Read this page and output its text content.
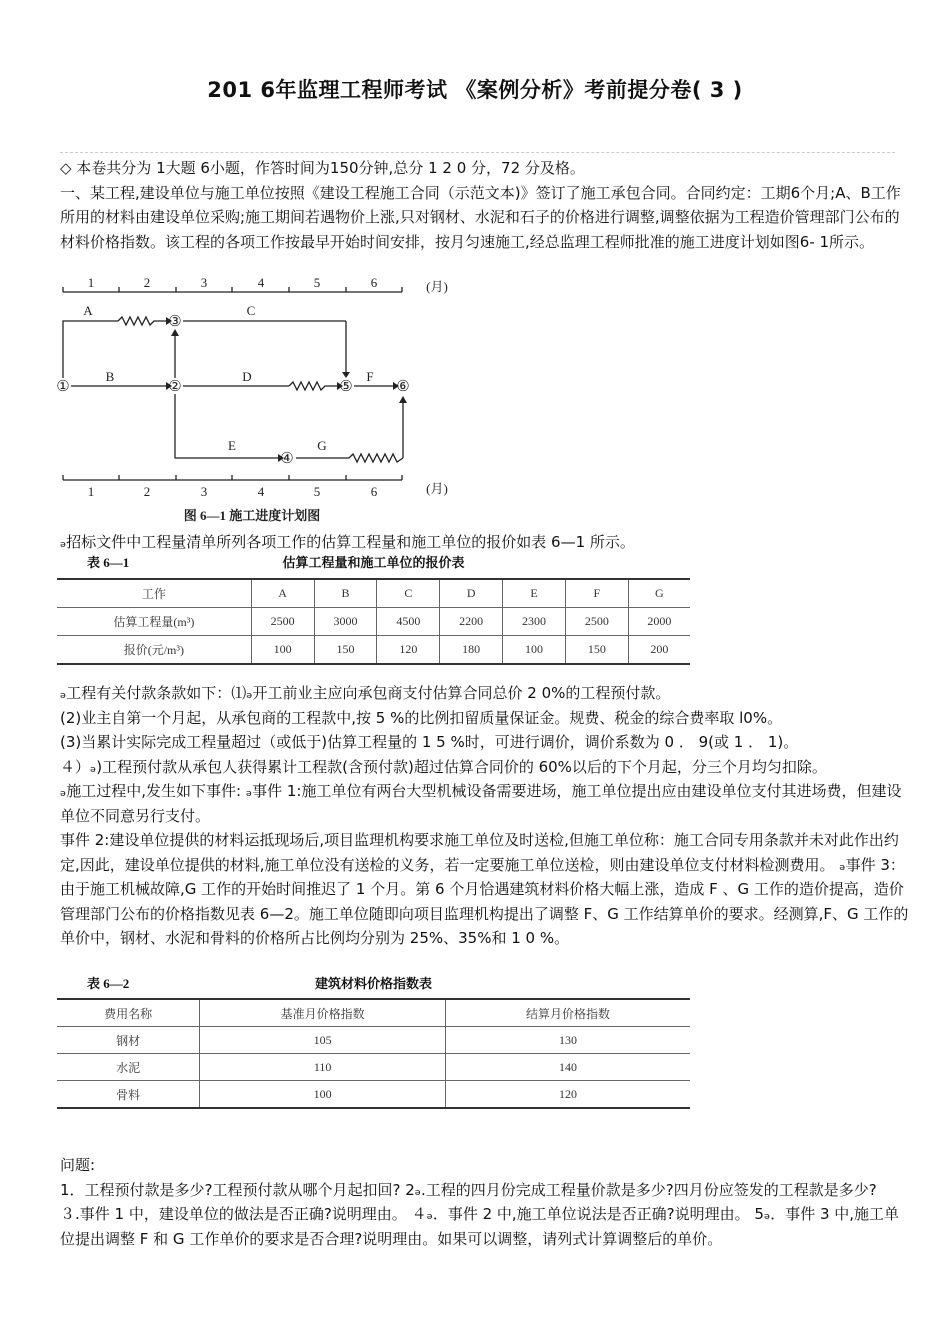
201 6年监理工程师考试 《案例分析》考前提分卷( 3 )

◇ 本卷共分为 1大题 6小题，作答时间为150分钟,总分 1 2 0 分，72 分及格。

一、某工程,建设单位与施工单位按照《建设工程施工合同（示范文本)》签订了施工承包合同。合同约定：工期6个月;A、B工作所用的材料由建设单位采购;施工期间若遇物价上涨,只对钢材、水泥和石子的价格进行调整,调整依据为工程造价管理部门公布的材料价格指数。该工程的各项工作按最早开始时间安排，按月匀速施工,经总监理工程师批准的施工进度计划如图6- 1所示。

1	2	3	4	5	6	(月)
1	2	3	4	5	6	(月)
①	②
③
④
⑤	⑥
A
B
C
D
E
F
G
图 6—1 施工进度计划图
ₔ招标文件中工程量清单所列各项工作的估算工程量和施工单位的报价如表 6—1 所示。
表 6—1	估算工程量和施工单位的报价表
工作	A	B	C	D	E	F	G
估算工程量(m³)	2500	3000	4500	2200	2300	2500	2000
报价(元/m³)	100	150	120	180	100	150	200

ₔ工程有关付款条款如下：⑴ₔ开工前业主应向承包商支付估算合同总价 2 0%的工程预付款。

(2)业主自第一个月起，从承包商的工程款中,按 5 %的比例扣留质量保证金。规费、税金的综合费率取 l0%。

(3)当累计实际完成工程量超过（或低于)估算工程量的 1 5 %时，可进行调价，调价系数为 0 ． 9(或 1 ． 1)。

４）ₔ)工程预付款从承包人获得累计工程款(含预付款)超过估算合同价的 60%以后的下个月起，分三个月均匀扣除。

ₔ施工过程中,发生如下事件: ₔ事件 1:施工单位有两台大型机械设备需要进场，施工单位提出应由建设单位支付其进场费，但建设单位不同意另行支付。

事件 2:建设单位提供的材料运抵现场后,项目监理机构要求施工单位及时送检,但施工单位称：施工合同专用条款并未对此作出约定,因此，建设单位提供的材料,施工单位没有送检的义务，若一定要施工单位送检，则由建设单位支付材料检测费用。 ₔ事件 3：由于施工机械故障,G 工作的开始时间推迟了 1 个月。第 6 个月恰遇建筑材料价格大幅上涨，造成 F 、G 工作的造价提高，造价管理部门公布的价格指数见表 6—2。施工单位随即向项目监理机构提出了调整 F、G 工作结算单价的要求。经测算,F、G 工作的单价中，钢材、水泥和骨料的价格所占比例均分别为 25%、35%和 1 0 %。

表 6—2	建筑材料价格指数表
费用名称	基准月价格指数	结算月价格指数
钢材	105	130
水泥	110	140
骨料	100	120

问题:

1．工程预付款是多少?工程预付款从哪个月起扣回? 2ₔ.工程的四月份完成工程量价款是多少?四月份应签发的工程款是多少?

３.事件 1 中，建设单位的做法是否正确?说明理由。 ４ₔ．事件 2 中,施工单位说法是否正确?说明理由。 5ₔ．事件 3 中,施工单位提出调整 F 和 G 工作单价的要求是否合理?说明理由。如果可以调整，请列式计算调整后的单价。
